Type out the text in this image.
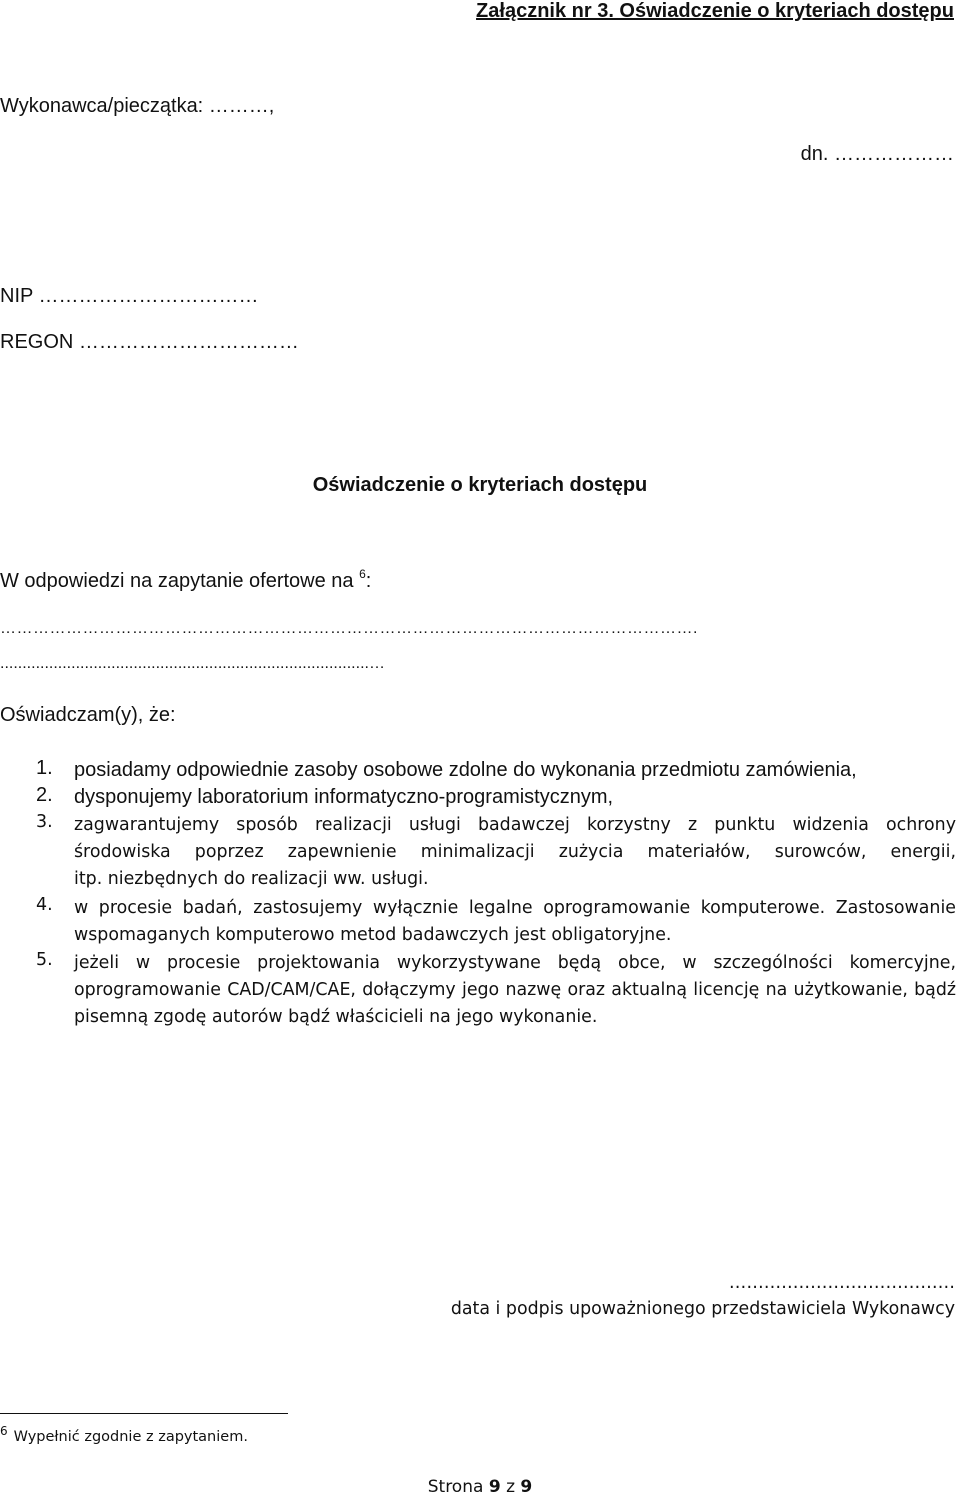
Załącznik nr 3. Oświadczenie o kryteriach dostępu
Wykonawca/pieczątka: ………,
dn. ………………
NIP ……………………………
REGON ……………………………
Oświadczenie o kryteriach dostępu
W odpowiedzi na zapytanie ofertowe na $^6$:
……………………………………………………………………………………………………………….
...................................................................................…
Oświadczam(y), że:
1. posiadamy odpowiednie zasoby osobowe zdolne do wykonania przedmiotu zamówienia,
2. dysponujemy laboratorium informatyczno-programistycznym,
3. zagwarantujemy sposób realizacji usługi badawczej korzystny z punktu widzenia ochrony
środowiska poprzez zapewnienie minimalizacji zużycia materiałów, surowców, energii,
itp. niezbędnych do realizacji ww. usługi.
4. w procesie badań, zastosujemy wyłącznie legalne oprogramowanie komputerowe. Zastosowanie
wspomaganych komputerowo metod badawczych jest obligatoryjne.
5. jeżeli w procesie projektowania wykorzystywane będą obce, w szczególności komercyjne,
oprogramowanie CAD/CAM/CAE, dołączymy jego nazwę oraz aktualną licencję na użytkowanie, bądź
pisemną zgodę autorów bądź właścicieli na jego wykonanie.
…………………………………
data i podpis upoważnionego przedstawiciela Wykonawcy
$^6$ Wypełnić zgodnie z zapytaniem.
Strona 9 z 9
